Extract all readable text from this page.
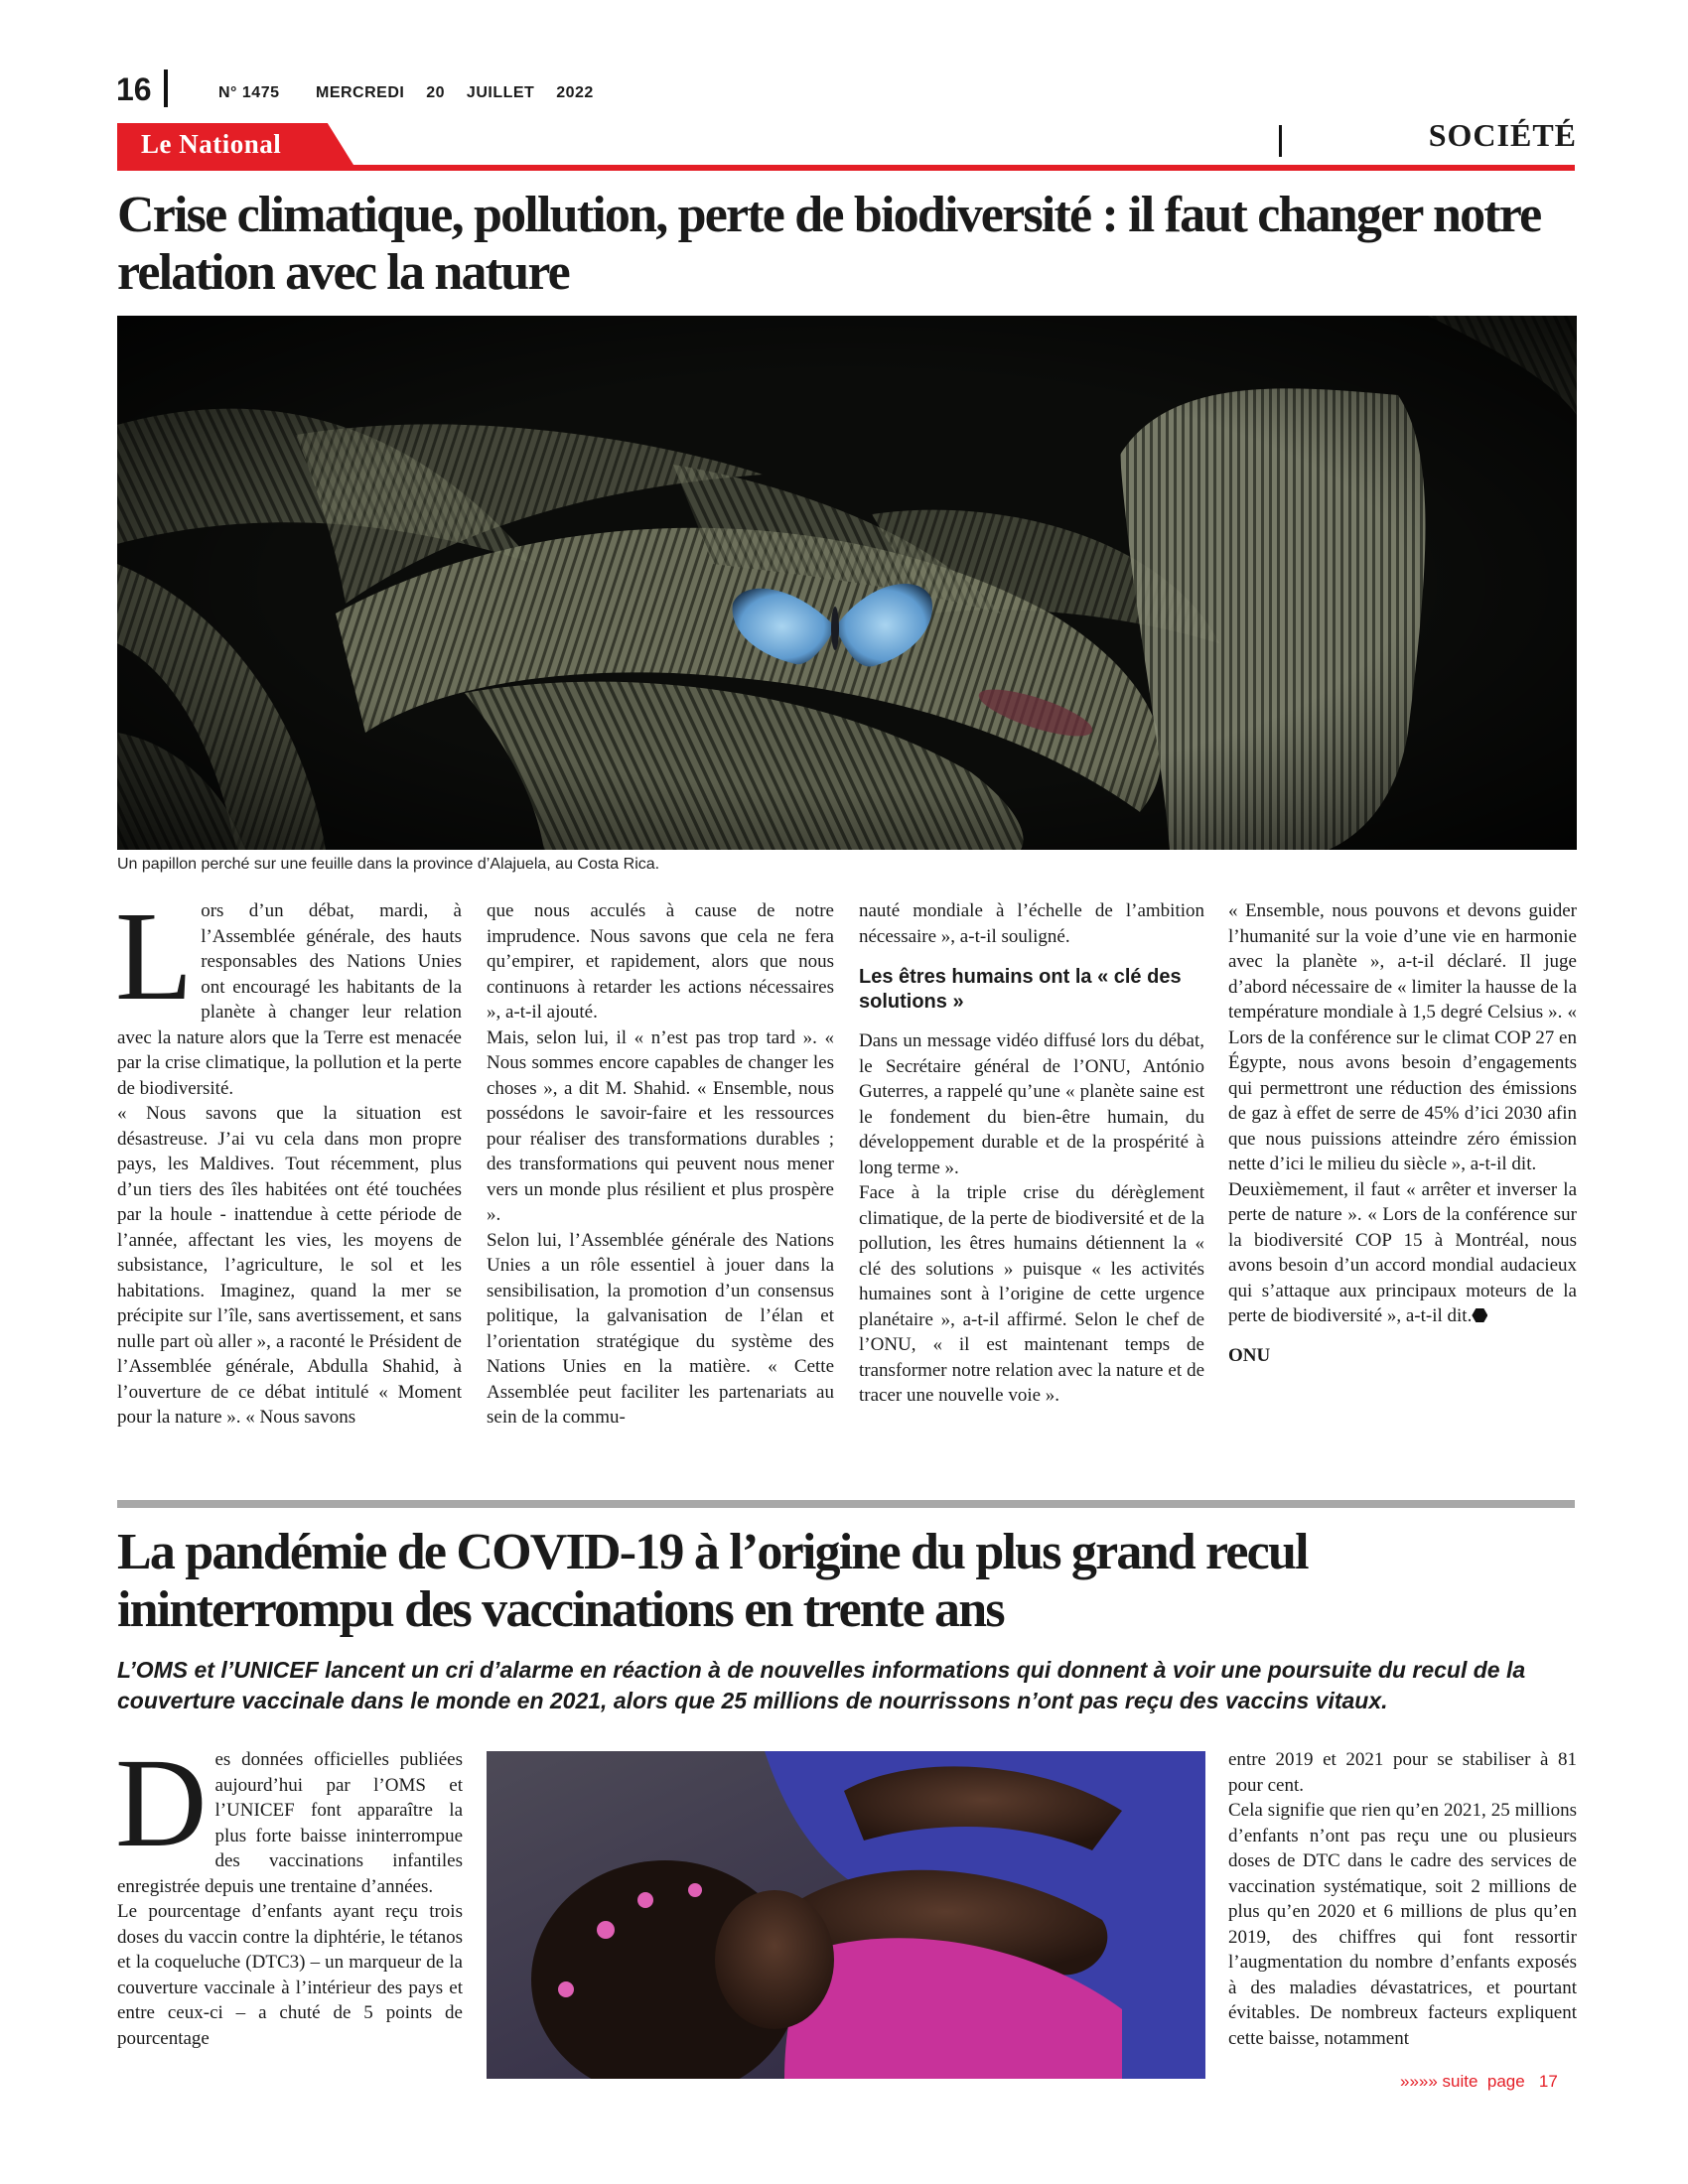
16	N° 1475 MERCREDI  20  JUILLET  2022
Le National	SOCIÉTÉ
Crise climatique, pollution, perte de biodiversité : il faut changer notre relation avec la nature
Un papillon perché sur une feuille dans la province d’Alajuela, au Costa Rica.
L ors d’un débat, mardi, à l’Assemblée générale, des hauts responsables des Nations Unies ont encouragé les habitants de la planète à changer leur relation avec la nature alors que la Terre est menacée par la crise climatique, la pollution et la perte de biodiversité.

« Nous savons que la situation est désastreuse. J’ai vu cela dans mon propre pays, les Maldives. Tout récemment, plus d’un tiers des îles habitées ont été touchées par la houle - inattendue à cette période de l’année, affectant les vies, les moyens de subsistance, l’agriculture, le sol et les habitations. Imaginez, quand la mer se précipite sur l’île, sans avertissement, et sans nulle part où aller », a raconté le Président de l’Assemblée générale, Abdulla Shahid, à l’ouverture de ce débat intitulé « Moment pour la nature ». « Nous savons

que nous acculés à cause de notre imprudence. Nous savons que cela ne fera qu’empirer, et rapidement, alors que nous continuons à retarder les actions nécessaires », a-t-il ajouté.

Mais, selon lui, il « n’est pas trop tard ». « Nous sommes encore capables de changer les choses », a dit M. Shahid. « Ensemble, nous possédons le savoir-faire et les ressources pour réaliser des transformations durables ; des transformations qui peuvent nous mener vers un monde plus résilient et plus prospère ».

Selon lui, l’Assemblée générale des Nations Unies a un rôle essentiel à jouer dans la sensibilisation, la promotion d’un consensus politique, la galvanisation de l’élan et l’orientation stratégique du système des Nations Unies en la matière. « Cette Assemblée peut faciliter les partenariats au sein de la commu-

nauté mondiale à l’échelle de l’ambition nécessaire », a-t-il souligné.

Les êtres humains ont la « clé des solutions »

Dans un message vidéo diffusé lors du débat, le Secrétaire général de l’ONU, António Guterres, a rappelé qu’une « planète saine est le fondement du bien-être humain, du développement durable et de la prospérité à long terme ».

Face à la triple crise du dérèglement climatique, de la perte de biodiversité et de la pollution, les êtres humains détiennent la « clé des solutions » puisque « les activités humaines sont à l’origine de cette urgence planétaire », a-t-il affirmé. Selon le chef de l’ONU, « il est maintenant temps de transformer notre relation avec la nature et de tracer une nouvelle voie ».

« Ensemble, nous pouvons et devons guider l’humanité sur la voie d’une vie en harmonie avec la planète », a-t-il déclaré. Il juge d’abord nécessaire de « limiter la hausse de la température mondiale à 1,5 degré Celsius ». « Lors de la conférence sur le climat COP 27 en Égypte, nous avons besoin d’engagements qui permettront une réduction des émissions de gaz à effet de serre de 45% d’ici 2030 afin que nous puissions atteindre zéro émission nette d’ici le milieu du siècle », a-t-il dit.

Deuxièmement, il faut « arrêter et inverser la perte de nature ». « Lors de la conférence sur la biodiversité COP 15 à Montréal, nous avons besoin d’un accord mondial audacieux qui s’attaque aux principaux moteurs de la perte de biodiversité », a-t-il dit.

ONU

La pandémie de COVID-19 à l’origine du plus grand recul ininterrompu des vaccinations en trente ans
L’OMS et l’UNICEF lancent un cri d’alarme en réaction à de nouvelles informations qui donnent à voir une poursuite du recul de la couverture vaccinale dans le monde en 2021, alors que 25 millions de nourrissons n’ont pas reçu des vaccins vitaux.
D es données officielles publiées aujourd’hui par l’OMS et l’UNICEF font apparaître la plus forte baisse ininterrompue des vaccinations infantiles enregistrée depuis une trentaine d’années.

Le pourcentage d’enfants ayant reçu trois doses du vaccin contre la diphtérie, le tétanos et la coqueluche (DTC3) – un marqueur de la couverture vaccinale à l’intérieur des pays et entre ceux-ci – a chuté de 5 points de pourcentage

entre 2019 et 2021 pour se stabiliser à 81 pour cent.

Cela signifie que rien qu’en 2021, 25 millions d’enfants n’ont pas reçu une ou plusieurs doses de DTC dans le cadre des services de vaccination systématique, soit 2 millions de plus qu’en 2020 et 6 millions de plus qu’en 2019, des chiffres qui font ressortir l’augmentation du nombre d’enfants exposés à des maladies dévastatrices, et pourtant évitables. De nombreux facteurs expliquent cette baisse, notamment

»»»» suite  page   17
